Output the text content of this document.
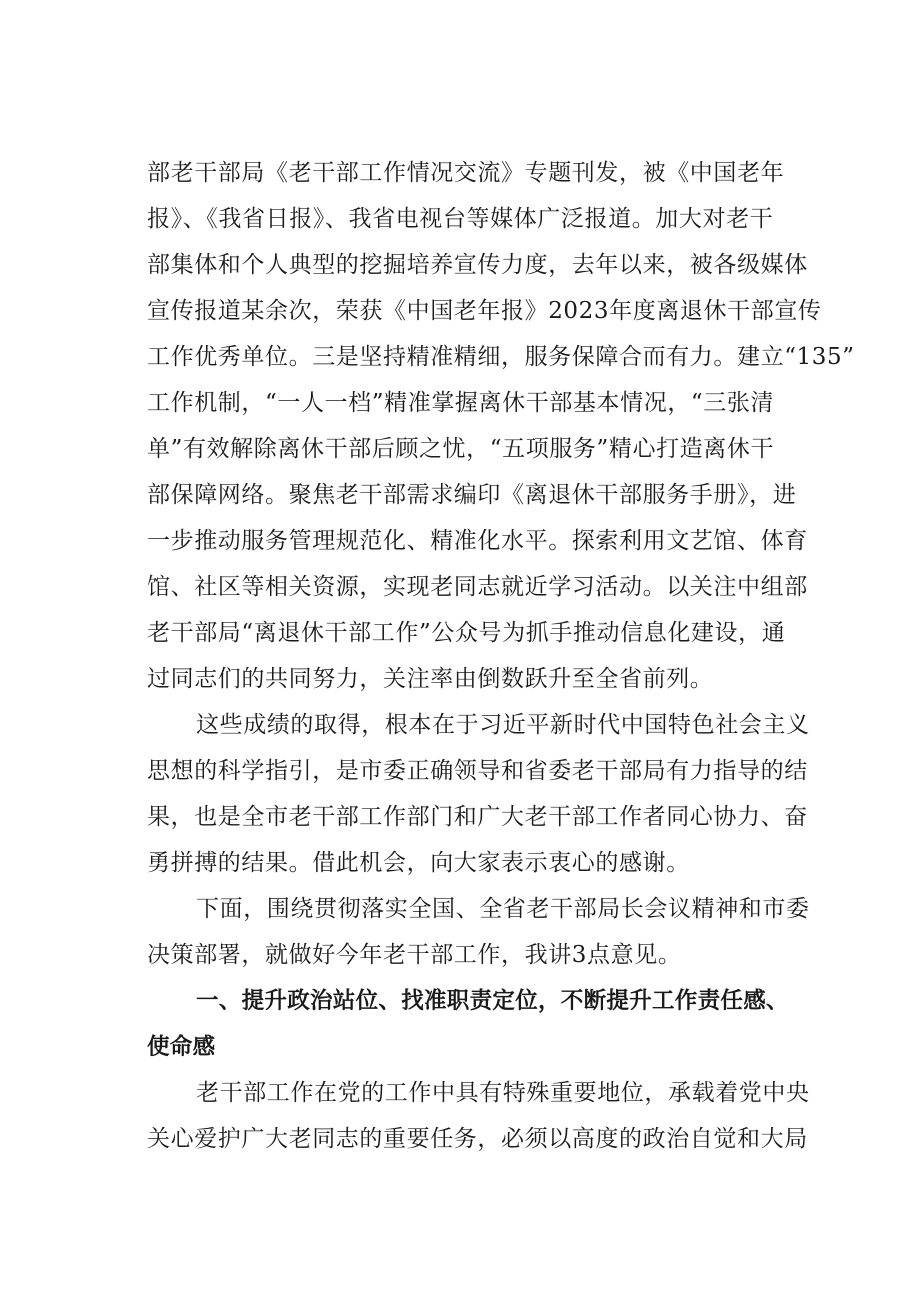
部老干部局《老干部工作情况交流》专题刊发，被《中国老年
报》、《我省日报》、我省电视台等媒体广泛报道。加大对老干
部集体和个人典型的挖掘培养宣传力度，去年以来，被各级媒体
宣传报道某余次，荣获《中国老年报》2023年度离退休干部宣传
工作优秀单位。三是坚持精准精细，服务保障合而有力。建立“135”
工作机制，“一人一档”精准掌握离休干部基本情况，“三张清
单”有效解除离休干部后顾之忧，“五项服务”精心打造离休干
部保障网络。聚焦老干部需求编印《离退休干部服务手册》，进
一步推动服务管理规范化、精准化水平。探索利用文艺馆、体育
馆、社区等相关资源，实现老同志就近学习活动。以关注中组部
老干部局“离退休干部工作”公众号为抓手推动信息化建设，通
过同志们的共同努力，关注率由倒数跃升至全省前列。
这些成绩的取得，根本在于习近平新时代中国特色社会主义
思想的科学指引，是市委正确领导和省委老干部局有力指导的结
果，也是全市老干部工作部门和广大老干部工作者同心协力、奋
勇拼搏的结果。借此机会，向大家表示衷心的感谢。
下面，围绕贯彻落实全国、全省老干部局长会议精神和市委
决策部署，就做好今年老干部工作，我讲3点意见。
一、提升政治站位、找准职责定位，不断提升工作责任感、
使命感
老干部工作在党的工作中具有特殊重要地位，承载着党中央
关心爱护广大老同志的重要任务，必须以高度的政治自觉和大局
